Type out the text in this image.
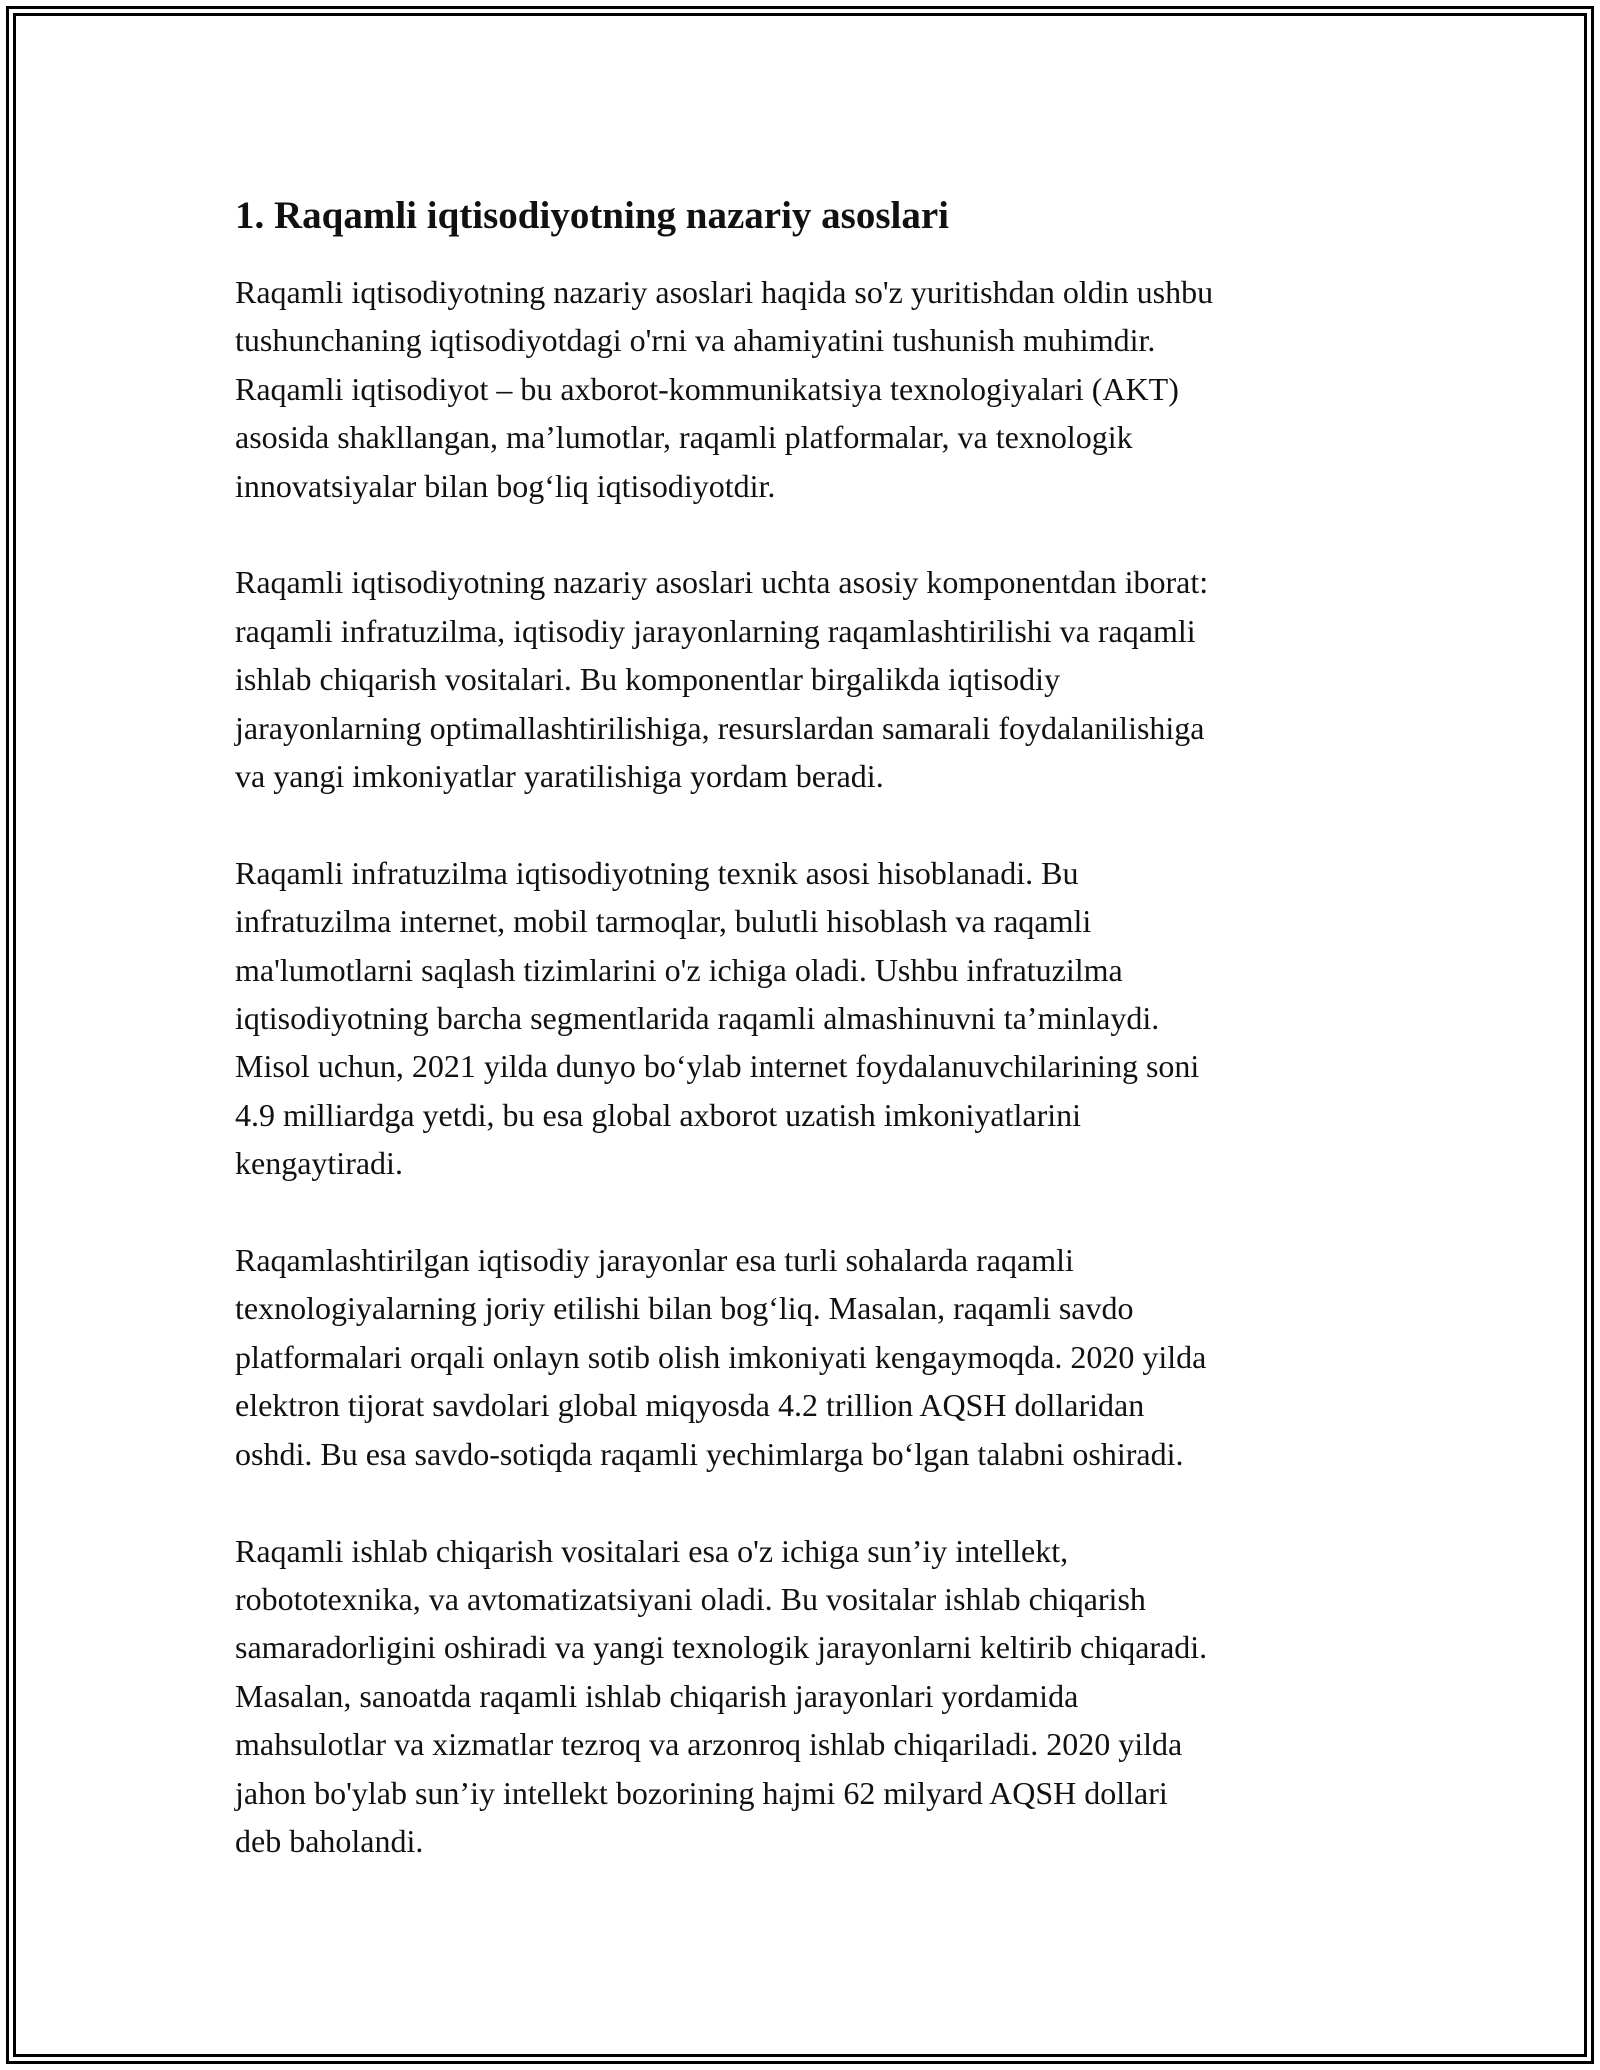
1. Raqamli iqtisodiyotning nazariy asoslari

Raqamli iqtisodiyotning nazariy asoslari haqida so'z yuritishdan oldin ushbu
tushunchaning iqtisodiyotdagi o'rni va ahamiyatini tushunish muhimdir.
Raqamli iqtisodiyot – bu axborot-kommunikatsiya texnologiyalari (AKT)
asosida shakllangan, ma’lumotlar, raqamli platformalar, va texnologik
innovatsiyalar bilan bog‘liq iqtisodiyotdir.

Raqamli iqtisodiyotning nazariy asoslari uchta asosiy komponentdan iborat:
raqamli infratuzilma, iqtisodiy jarayonlarning raqamlashtirilishi va raqamli
ishlab chiqarish vositalari. Bu komponentlar birgalikda iqtisodiy
jarayonlarning optimallashtirilishiga, resurslardan samarali foydalanilishiga
va yangi imkoniyatlar yaratilishiga yordam beradi.

Raqamli infratuzilma iqtisodiyotning texnik asosi hisoblanadi. Bu
infratuzilma internet, mobil tarmoqlar, bulutli hisoblash va raqamli
ma'lumotlarni saqlash tizimlarini o'z ichiga oladi. Ushbu infratuzilma
iqtisodiyotning barcha segmentlarida raqamli almashinuvni ta’minlaydi.
Misol uchun, 2021 yilda dunyo bo‘ylab internet foydalanuvchilarining soni
4.9 milliardga yetdi, bu esa global axborot uzatish imkoniyatlarini
kengaytiradi.

Raqamlashtirilgan iqtisodiy jarayonlar esa turli sohalarda raqamli
texnologiyalarning joriy etilishi bilan bog‘liq. Masalan, raqamli savdo
platformalari orqali onlayn sotib olish imkoniyati kengaymoqda. 2020 yilda
elektron tijorat savdolari global miqyosda 4.2 trillion AQSH dollaridan
oshdi. Bu esa savdo-sotiqda raqamli yechimlarga bo‘lgan talabni oshiradi.

Raqamli ishlab chiqarish vositalari esa o'z ichiga sun’iy intellekt,
robototexnika, va avtomatizatsiyani oladi. Bu vositalar ishlab chiqarish
samaradorligini oshiradi va yangi texnologik jarayonlarni keltirib chiqaradi.
Masalan, sanoatda raqamli ishlab chiqarish jarayonlari yordamida
mahsulotlar va xizmatlar tezroq va arzonroq ishlab chiqariladi. 2020 yilda
jahon bo'ylab sun’iy intellekt bozorining hajmi 62 milyard AQSH dollari
deb baholandi.
